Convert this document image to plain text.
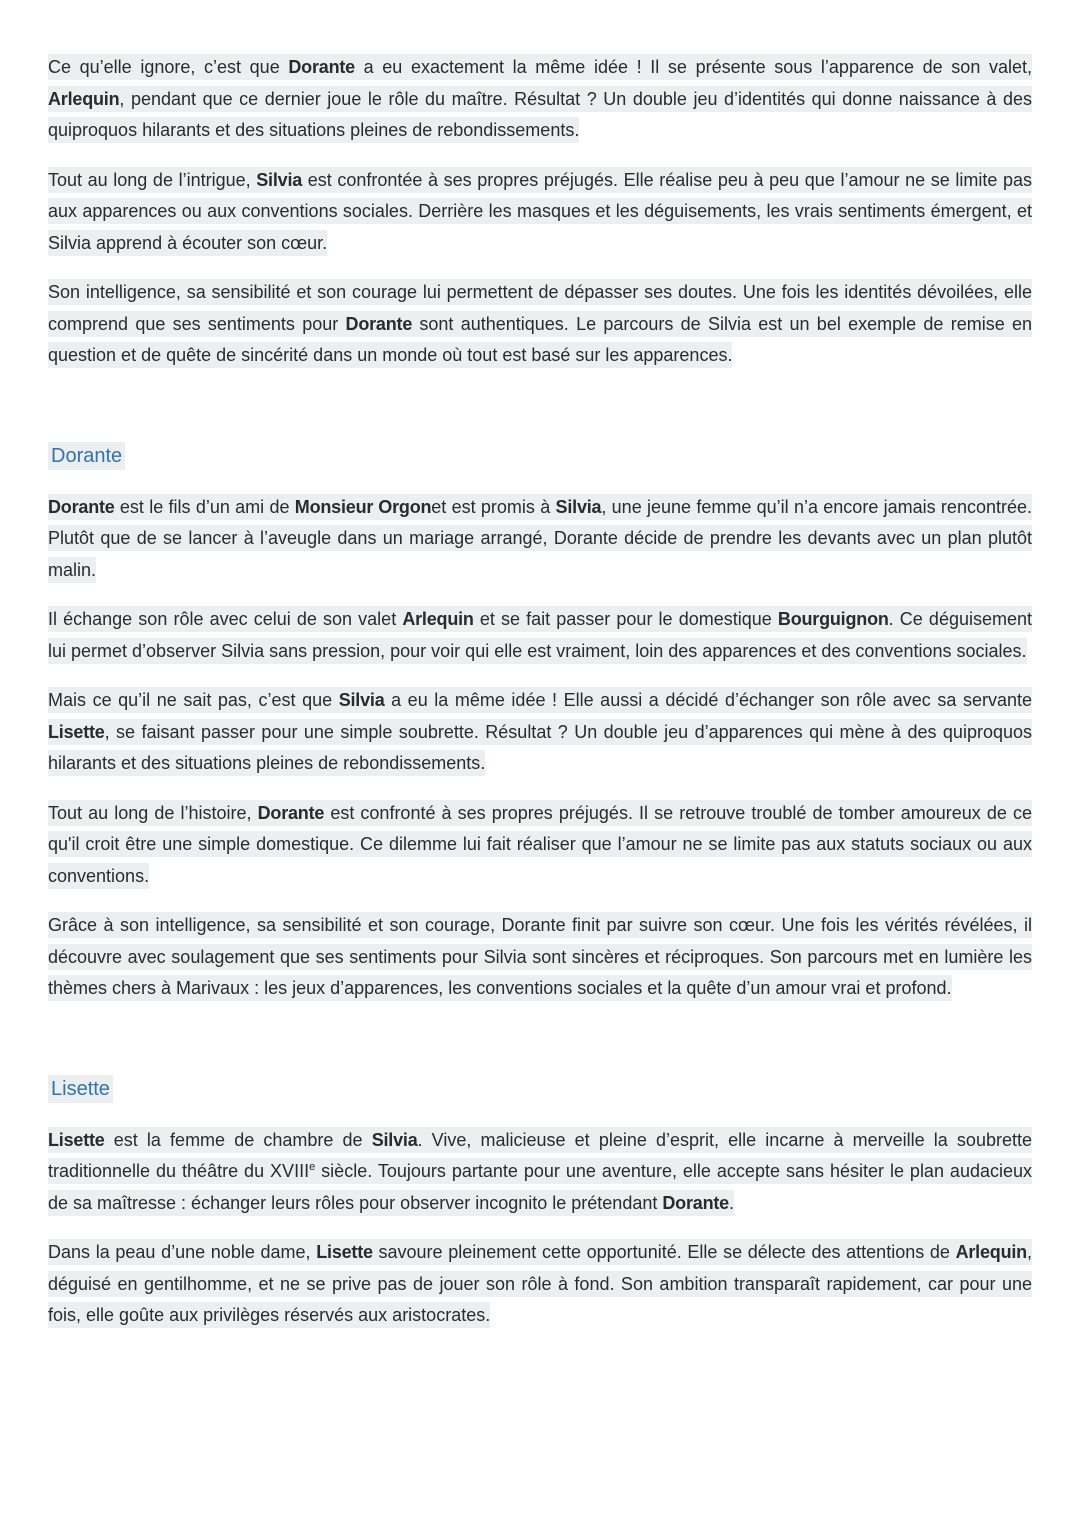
Ce qu’elle ignore, c’est que Dorante a eu exactement la même idée ! Il se présente sous l’apparence de son valet, Arlequin, pendant que ce dernier joue le rôle du maître. Résultat ? Un double jeu d’identités qui donne naissance à des quiproquos hilarants et des situations pleines de rebondissements.

Tout au long de l’intrigue, Silvia est confrontée à ses propres préjugés. Elle réalise peu à peu que l’amour ne se limite pas aux apparences ou aux conventions sociales. Derrière les masques et les déguisements, les vrais sentiments émergent, et Silvia apprend à écouter son cœur.

Son intelligence, sa sensibilité et son courage lui permettent de dépasser ses doutes. Une fois les identités dévoilées, elle comprend que ses sentiments pour Dorante sont authentiques. Le parcours de Silvia est un bel exemple de remise en question et de quête de sincérité dans un monde où tout est basé sur les apparences.

Dorante

Dorante est le fils d’un ami de Monsieur Orgonet est promis à Silvia, une jeune femme qu’il n’a encore jamais rencontrée. Plutôt que de se lancer à l’aveugle dans un mariage arrangé, Dorante décide de prendre les devants avec un plan plutôt malin.

Il échange son rôle avec celui de son valet Arlequin et se fait passer pour le domestique Bourguignon. Ce déguisement lui permet d’observer Silvia sans pression, pour voir qui elle est vraiment, loin des apparences et des conventions sociales.

Mais ce qu’il ne sait pas, c’est que Silvia a eu la même idée ! Elle aussi a décidé d’échanger son rôle avec sa servante Lisette, se faisant passer pour une simple soubrette. Résultat ? Un double jeu d’apparences qui mène à des quiproquos hilarants et des situations pleines de rebondissements.

Tout au long de l’histoire, Dorante est confronté à ses propres préjugés. Il se retrouve troublé de tomber amoureux de ce qu'il croit être une simple domestique. Ce dilemme lui fait réaliser que l’amour ne se limite pas aux statuts sociaux ou aux conventions.

Grâce à son intelligence, sa sensibilité et son courage, Dorante finit par suivre son cœur. Une fois les vérités révélées, il découvre avec soulagement que ses sentiments pour Silvia sont sincères et réciproques. Son parcours met en lumière les thèmes chers à Marivaux : les jeux d’apparences, les conventions sociales et la quête d’un amour vrai et profond.

Lisette

Lisette est la femme de chambre de Silvia. Vive, malicieuse et pleine d’esprit, elle incarne à merveille la soubrette traditionnelle du théâtre du XVIIIe siècle. Toujours partante pour une aventure, elle accepte sans hésiter le plan audacieux de sa maîtresse : échanger leurs rôles pour observer incognito le prétendant Dorante.

Dans la peau d’une noble dame, Lisette savoure pleinement cette opportunité. Elle se délecte des attentions de Arlequin, déguisé en gentilhomme, et ne se prive pas de jouer son rôle à fond. Son ambition transparaît rapidement, car pour une fois, elle goûte aux privilèges réservés aux aristocrates.
